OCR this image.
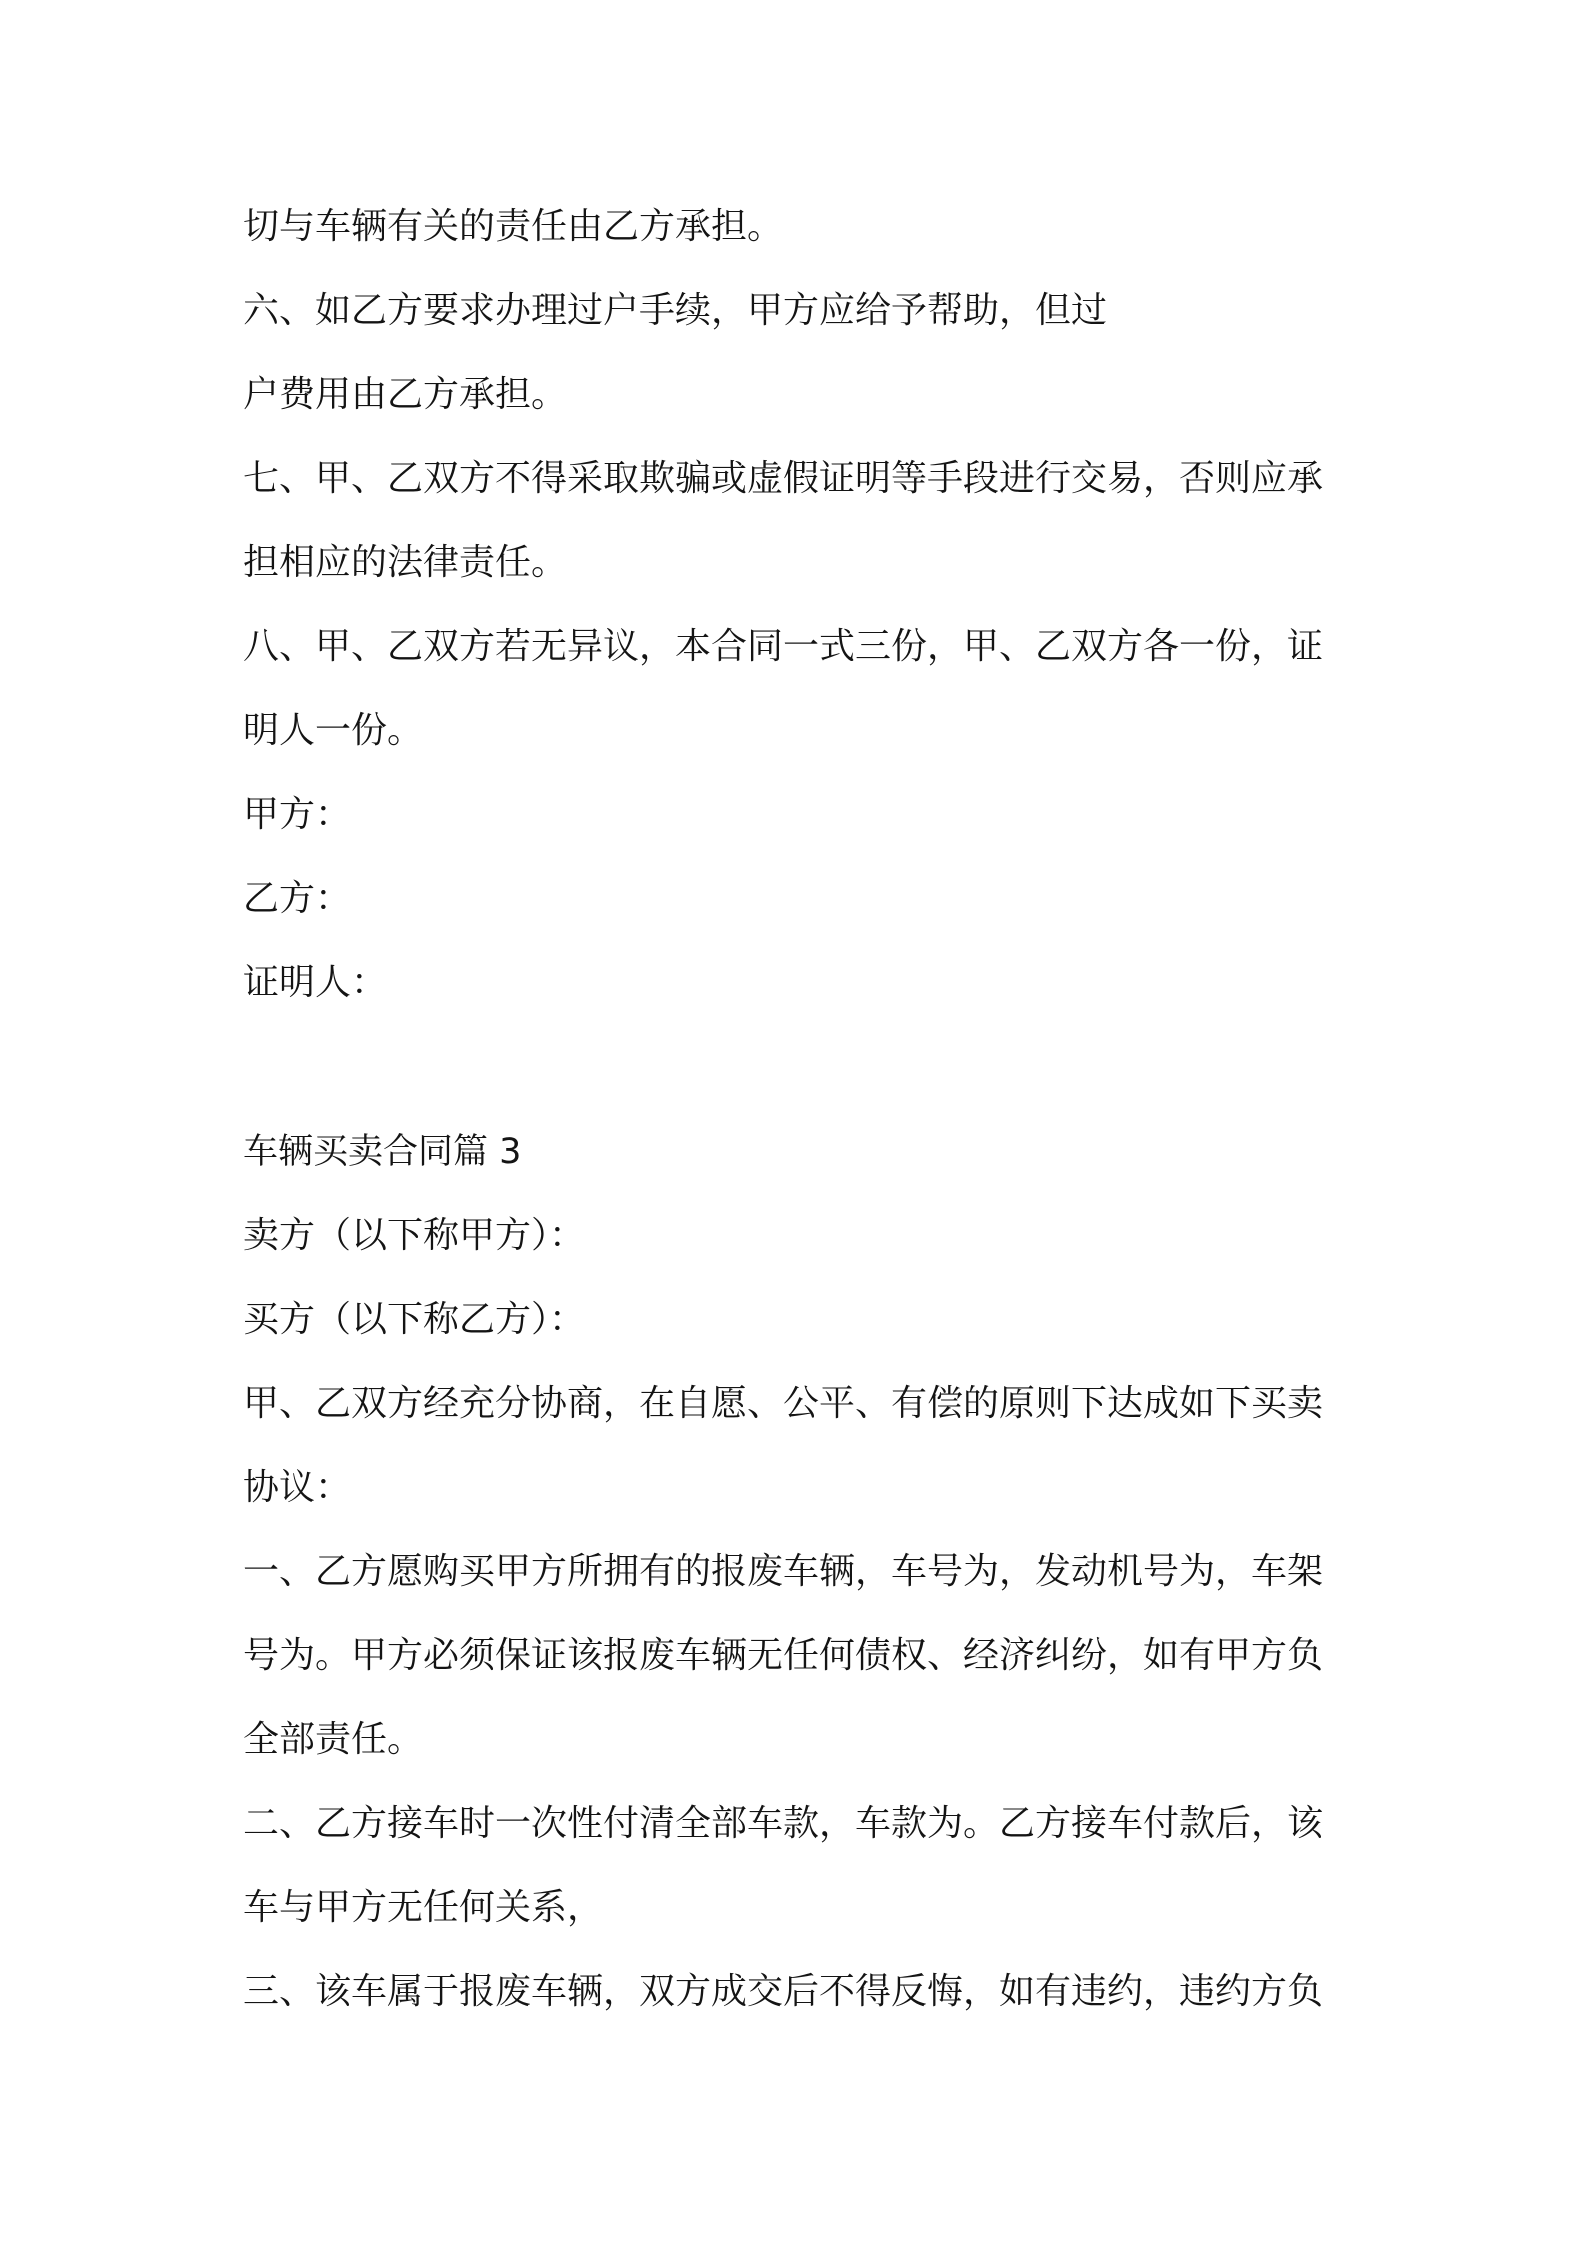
切与车辆有关的责任由乙方承担。

六、如乙方要求办理过户手续，甲方应给予帮助，但过

户费用由乙方承担。

七、甲、乙双方不得采取欺骗或虚假证明等手段进行交易，否则应承

担相应的法律责任。

八、甲、乙双方若无异议，本合同一式三份，甲、乙双方各一份，证

明人一份。

甲方：

乙方：

证明人：

车辆买卖合同篇 3

卖方（以下称甲方）：

买方（以下称乙方）：

甲、乙双方经充分协商，在自愿、公平、有偿的原则下达成如下买卖

协议：

一、乙方愿购买甲方所拥有的报废车辆，车号为，发动机号为，车架

号为。甲方必须保证该报废车辆无任何债权、经济纠纷，如有甲方负

全部责任。

二、乙方接车时一次性付清全部车款，车款为。乙方接车付款后，该

车与甲方无任何关系，

三、该车属于报废车辆，双方成交后不得反悔，如有违约，违约方负
